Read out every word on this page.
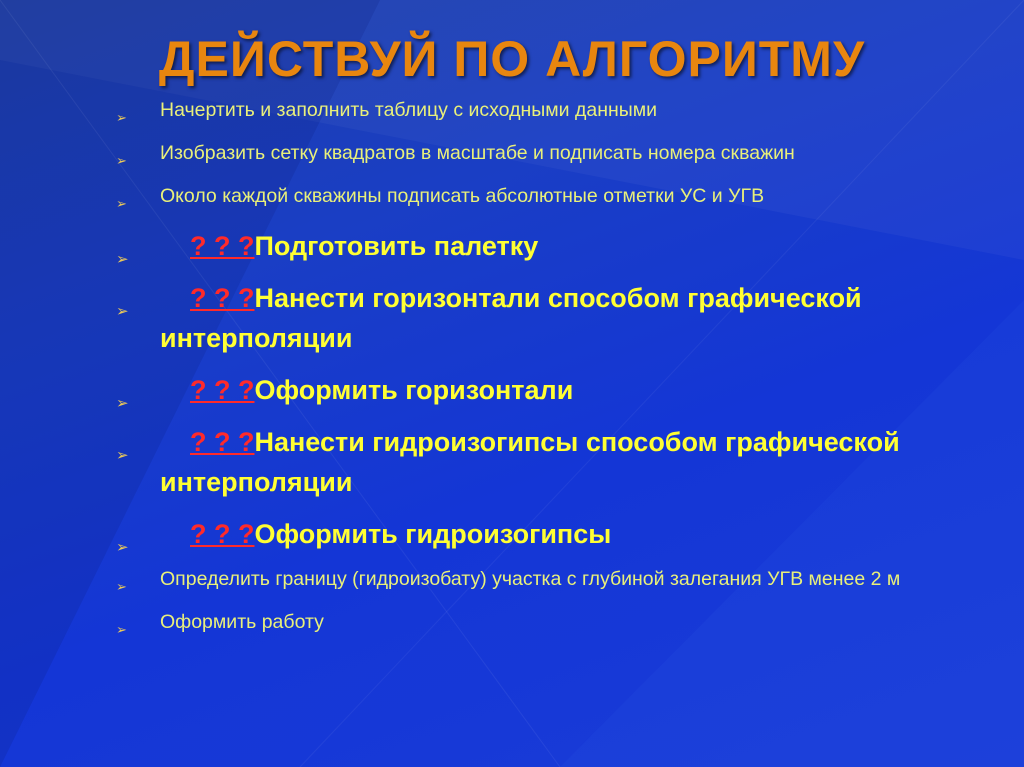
ДЕЙСТВУЙ ПО АЛГОРИТМУ
➢ Начертить и заполнить таблицу с исходными данными
➢ Изобразить сетку квадратов в масштабе и подписать номера скважин
➢ Около каждой скважины подписать абсолютные отметки УС и УГВ
➢ ? ? ?Подготовить палетку
➢ ? ? ?Нанести горизонтали способом графической интерполяции
➢ ? ? ?Оформить горизонтали
➢ ? ? ?Нанести гидроизогипсы способом графической интерполяции
➢ ? ? ?Оформить гидроизогипсы
➢ Определить границу (гидроизобату) участка с глубиной залегания УГВ менее 2 м
➢ Оформить работу
